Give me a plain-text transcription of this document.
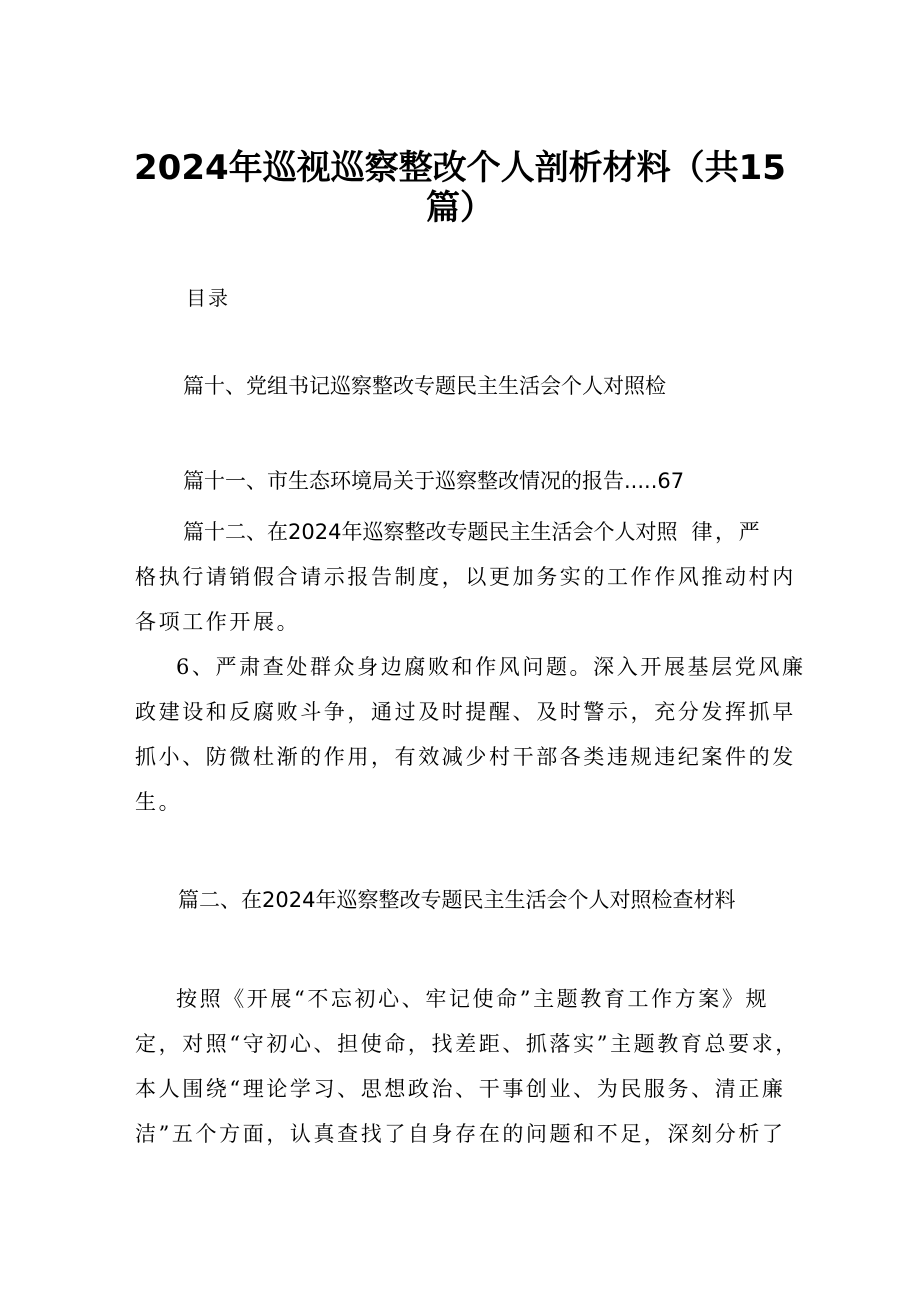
2024年巡视巡察整改个人剖析材料（共15
篇）
目录
篇十、党组书记巡察整改专题民主生活会个人对照检
篇十一、市生态环境局关于巡察整改情况的报告.....67
篇十二、在2024年巡察整改专题民主生活会个人对照 律，严
格执行请销假合请示报告制度，以更加务实的工作作风推动村内
各项工作开展。
6、严肃查处群众身边腐败和作风问题。深入开展基层党风廉
政建设和反腐败斗争，通过及时提醒、及时警示，充分发挥抓早
抓小、防微杜渐的作用，有效减少村干部各类违规违纪案件的发
生。
篇二、在2024年巡察整改专题民主生活会个人对照检查材料
按照《开展“不忘初心、牢记使命”主题教育工作方案》规
定，对照“守初心、担使命，找差距、抓落实”主题教育总要求，
本人围绕“理论学习、思想政治、干事创业、为民服务、清正廉
洁”五个方面，认真查找了自身存在的问题和不足，深刻分析了
